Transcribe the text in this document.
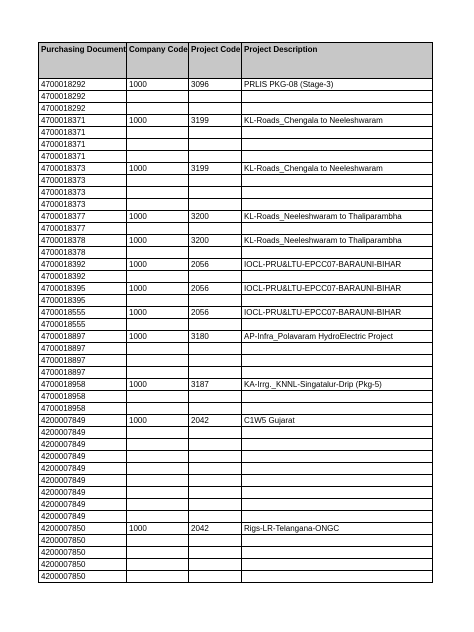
Purchasing Document	Company Code	Project Code	Project Description
4700018292	1000	3096	PRLIS PKG-08 (Stage-3)
4700018292			
4700018292			
4700018371	1000	3199	KL-Roads_Chengala to Neeleshwaram
4700018371			
4700018371			
4700018371			
4700018373	1000	3199	KL-Roads_Chengala to Neeleshwaram
4700018373			
4700018373			
4700018373			
4700018377	1000	3200	KL-Roads_Neeleshwaram to Thaliparambha
4700018377			
4700018378	1000	3200	KL-Roads_Neeleshwaram to Thaliparambha
4700018378			
4700018392	1000	2056	IOCL-PRU&LTU-EPCC07-BARAUNI-BIHAR
4700018392			
4700018395	1000	2056	IOCL-PRU&LTU-EPCC07-BARAUNI-BIHAR
4700018395			
4700018555	1000	2056	IOCL-PRU&LTU-EPCC07-BARAUNI-BIHAR
4700018555			
4700018897	1000	3180	AP-Infra_Polavaram HydroElectric Project
4700018897			
4700018897			
4700018897			
4700018958	1000	3187	KA-Irrg._KNNL-Singatalur-Drip (Pkg-5)
4700018958			
4700018958			
4200007849	1000	2042	C1W5 Gujarat
4200007849			
4200007849			
4200007849			
4200007849			
4200007849			
4200007849			
4200007849			
4200007849			
4200007850	1000	2042	Rigs-LR-Telangana-ONGC
4200007850			
4200007850			
4200007850			
4200007850			
